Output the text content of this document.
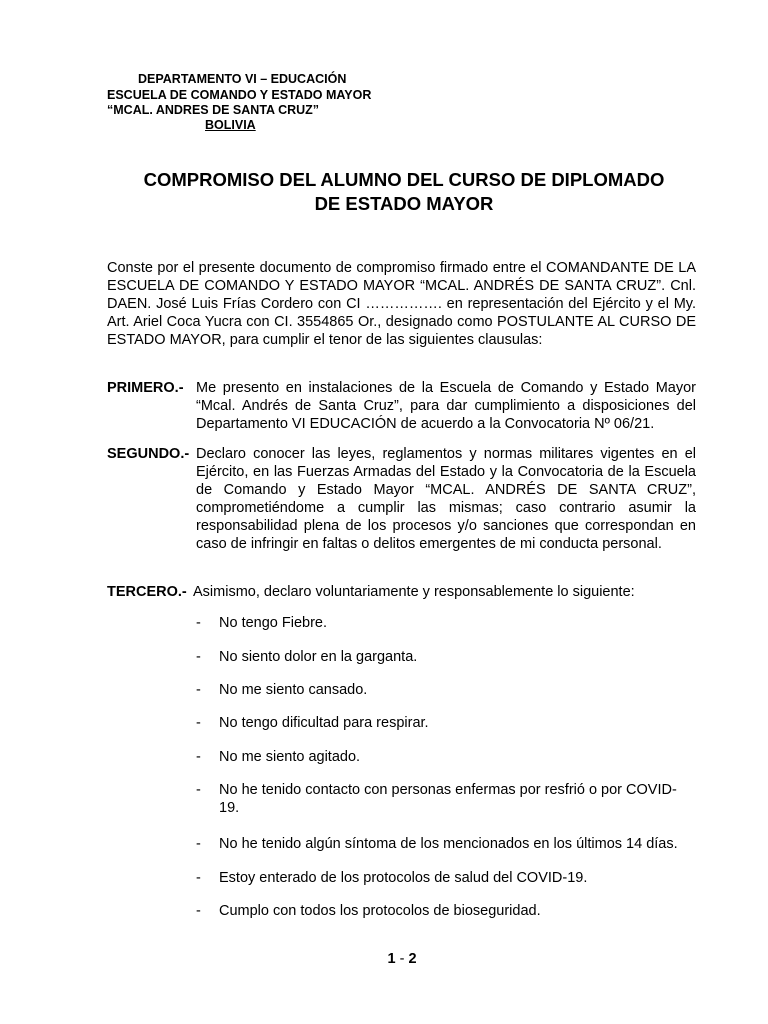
DEPARTAMENTO VI – EDUCACIÓN
ESCUELA DE COMANDO Y ESTADO MAYOR
“MCAL. ANDRES DE SANTA CRUZ”
BOLIVIA
COMPROMISO DEL ALUMNO DEL CURSO DE DIPLOMADO
DE ESTADO MAYOR
Conste por el presente documento de compromiso firmado entre el COMANDANTE DE LA ESCUELA DE COMANDO Y ESTADO MAYOR “MCAL. ANDRÉS DE SANTA CRUZ”. Cnl. DAEN. José Luis Frías Cordero con CI ……………. en representación del Ejército y el My. Art. Ariel Coca Yucra con CI. 3554865 Or., designado como POSTULANTE AL CURSO DE ESTADO MAYOR, para cumplir el tenor de las siguientes clausulas:
PRIMERO.- Me presento en instalaciones de la Escuela de Comando y Estado Mayor “Mcal. Andrés de Santa Cruz”, para dar cumplimiento a disposiciones del Departamento VI EDUCACIÓN de acuerdo a la Convocatoria Nº 06/21.
SEGUNDO.- Declaro conocer las leyes, reglamentos y normas militares vigentes en el Ejército, en las Fuerzas Armadas del Estado y la Convocatoria de la Escuela de Comando y Estado Mayor “MCAL. ANDRÉS DE SANTA CRUZ”, comprometiéndome a cumplir las mismas; caso contrario asumir la responsabilidad plena de los procesos y/o sanciones que correspondan en caso de infringir en faltas o delitos emergentes de mi conducta personal.
TERCERO.- Asimismo, declaro voluntariamente y responsablemente lo siguiente:
- No tengo Fiebre.
- No siento dolor en la garganta.
- No me siento cansado.
- No tengo dificultad para respirar.
- No me siento agitado.
- No he tenido contacto con personas enfermas por resfrió o por COVID-19.
- No he tenido algún síntoma de los mencionados en los últimos 14 días.
- Estoy enterado de los protocolos de salud del COVID-19.
- Cumplo con todos los protocolos de bioseguridad.
1 - 2
